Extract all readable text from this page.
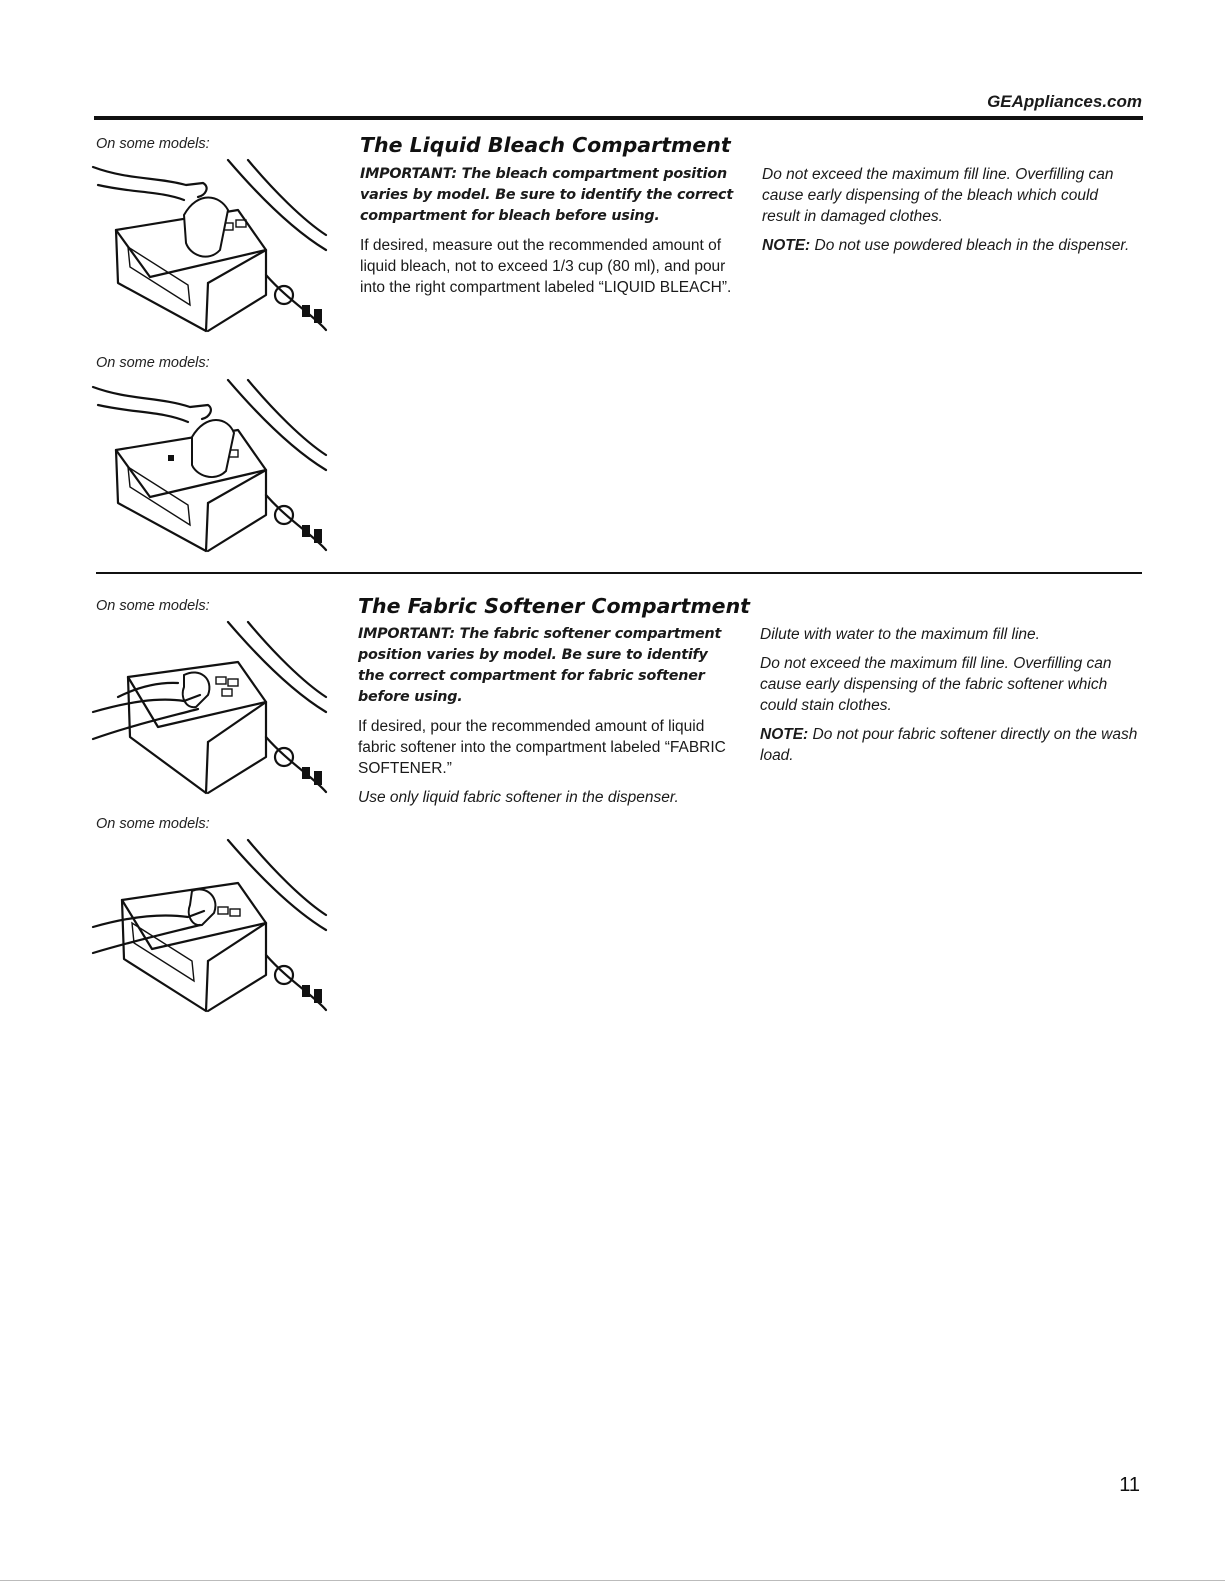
GEAppliances.com
On some models:
On some models:
The Liquid Bleach Compartment

IMPORTANT: The bleach compartment position varies by model. Be sure to identify the correct compartment for bleach before using.

If desired, measure out the recommended amount of liquid bleach, not to exceed 1/3 cup (80 ml), and pour into the right compartment labeled “LIQUID BLEACH”.

Do not exceed the maximum fill line. Overfilling can cause early dispensing of the bleach which could result in damaged clothes.

NOTE: Do not use powdered bleach in the dispenser.

On some models:
On some models:
The Fabric Softener Compartment

IMPORTANT: The fabric softener compartment position varies by model. Be sure to identify the correct compartment for fabric softener before using.

If desired, pour the recommended amount of liquid fabric softener into the compartment labeled “FABRIC SOFTENER.”

Use only liquid fabric softener in the dispenser.

Dilute with water to the maximum fill line.

Do not exceed the maximum fill line. Overfilling can cause early dispensing of the fabric softener which could stain clothes.

NOTE: Do not pour fabric softener directly on the wash load.

11
